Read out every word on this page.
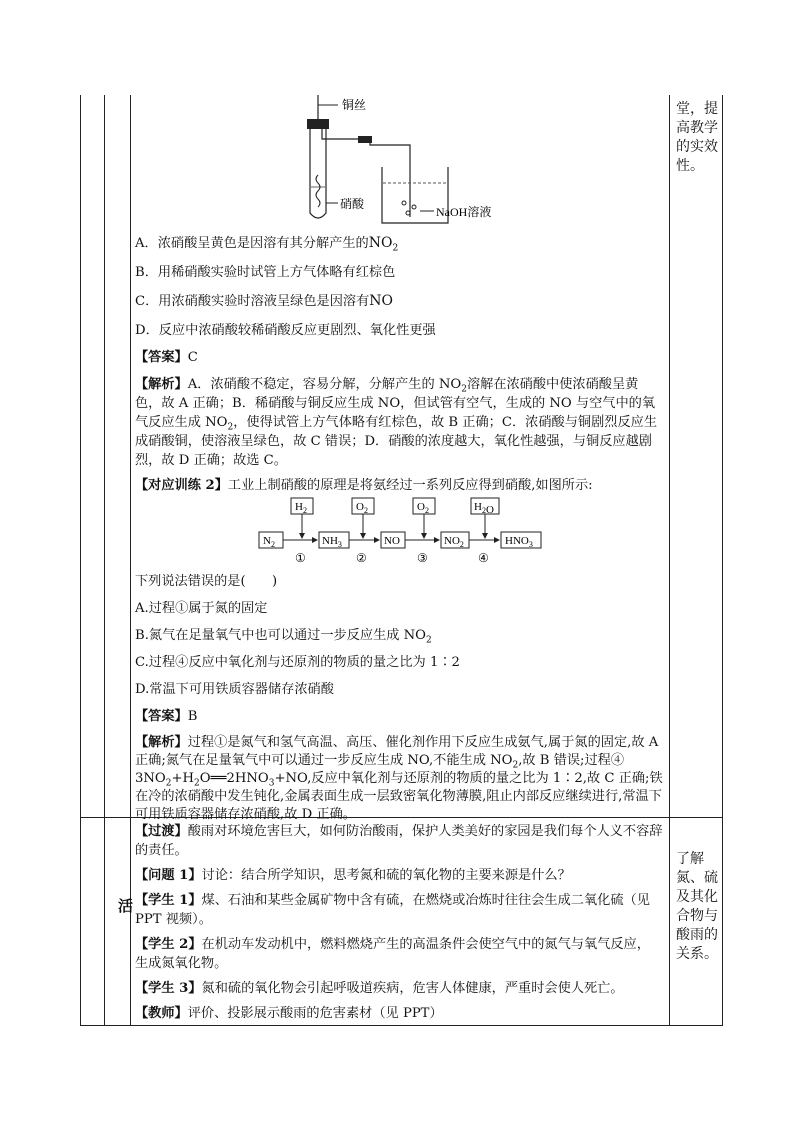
堂，提高教学的实效性。
了解氮、硫及其化合物与酸雨的关系。
活
铜丝
硝酸
NaOH溶液

A．浓硝酸呈黄色是因溶有其分解产生的$NO_2$

B．用稀硝酸实验时试管上方气体略有红棕色

C．用浓硝酸实验时溶液呈绿色是因溶有NO

D．反应中浓硝酸较稀硝酸反应更剧烈、氧化性更强

【答案】C

【解析】A．浓硝酸不稳定，容易分解，分解产生的 $NO_2$溶解在浓硝酸中使浓硝酸呈黄色，故 A 正确；B．稀硝酸与铜反应生成 NO，但试管有空气，生成的 NO 与空气中的氧气反应生成 $NO_2$，使得试管上方气体略有红棕色，故 B 正确；C．浓硝酸与铜剧烈反应生成硝酸铜，使溶液呈绿色，故 C 错误；D．硝酸的浓度越大，氧化性越强，与铜反应越剧烈，故 D 正确；故选 C。

【对应训练 2】工业上制硝酸的原理是将氨经过一系列反应得到硝酸,如图所示:

$H_2$	$O_2$	$O_2$	$H_2O$
$N_2$	$NH_3$	NO	$NO_2$	$HNO_3$
①	②	③	④

下列说法错误的是(　　)

A.过程①属于氮的固定

B.氮气在足量氧气中也可以通过一步反应生成 $NO_2$

C.过程④反应中氧化剂与还原剂的物质的量之比为 1∶2

D.常温下可用铁质容器储存浓硝酸

【答案】B

【解析】过程①是氮气和氢气高温、高压、催化剂作用下反应生成氨气,属于氮的固定,故 A 正确;氮气在足量氧气中可以通过一步反应生成 NO,不能生成 $NO_2$,故 B 错误;过程④ $3NO_2+H_2O══2HNO_3+NO$,反应中氧化剂与还原剂的物质的量之比为 1∶2,故 C 正确;铁在冷的浓硝酸中发生钝化,金属表面生成一层致密氧化物薄膜,阻止内部反应继续进行,常温下可用铁质容器储存浓硝酸,故 D 正确。

【过渡】酸雨对环境危害巨大，如何防治酸雨，保护人类美好的家园是我们每个人义不容辞的责任。

【问题 1】讨论：结合所学知识，思考氮和硫的氧化物的主要来源是什么？

【学生 1】煤、石油和某些金属矿物中含有硫，在燃烧或冶炼时往往会生成二氧化硫（见 PPT 视频）。

【学生 2】在机动车发动机中，燃料燃烧产生的高温条件会使空气中的氮气与氧气反应，生成氮氧化物。

【学生 3】氮和硫的氧化物会引起呼吸道疾病，危害人体健康，严重时会使人死亡。

【教师】评价、投影展示酸雨的危害素材（见 PPT）
